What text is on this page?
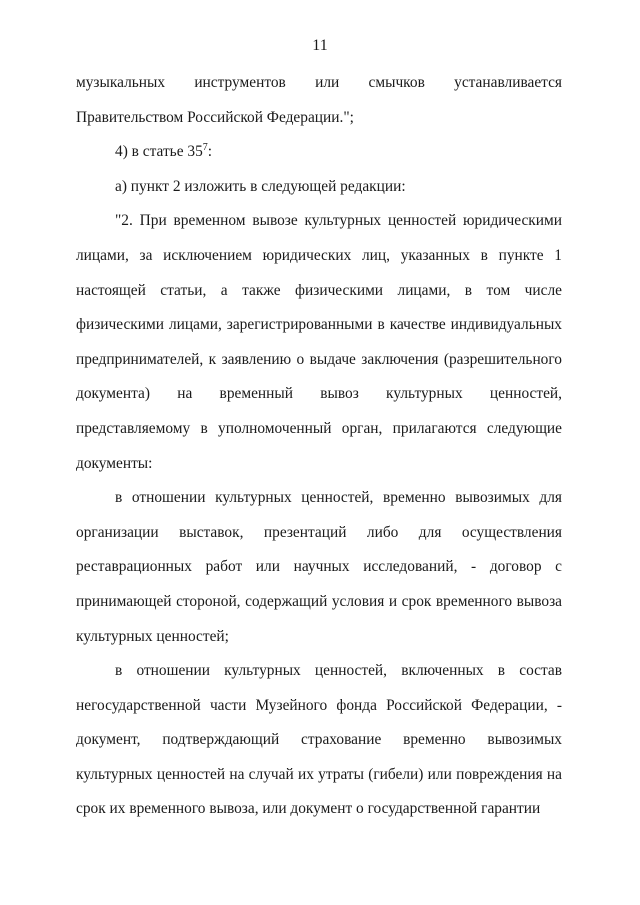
11

музыкальных инструментов или смычков устанавливается Правительством Российской Федерации.";

4) в статье $35^7$:

а) пункт 2 изложить в следующей редакции:

"2. При временном вывозе культурных ценностей юридическими лицами, за исключением юридических лиц, указанных в пункте 1 настоящей статьи, а также физическими лицами, в том числе физическими лицами, зарегистрированными в качестве индивидуальных предпринимателей, к заявлению о выдаче заключения (разрешительного документа) на временный вывоз культурных ценностей, представляемому в уполномоченный орган, прилагаются следующие документы:

в отношении культурных ценностей, временно вывозимых для организации выставок, презентаций либо для осуществления реставрационных работ или научных исследований, - договор с принимающей стороной, содержащий условия и срок временного вывоза культурных ценностей;

в отношении культурных ценностей, включенных в состав негосударственной части Музейного фонда Российской Федерации, - документ, подтверждающий страхование временно вывозимых культурных ценностей на случай их утраты (гибели) или повреждения на срок их временного вывоза, или документ о государственной гарантии
